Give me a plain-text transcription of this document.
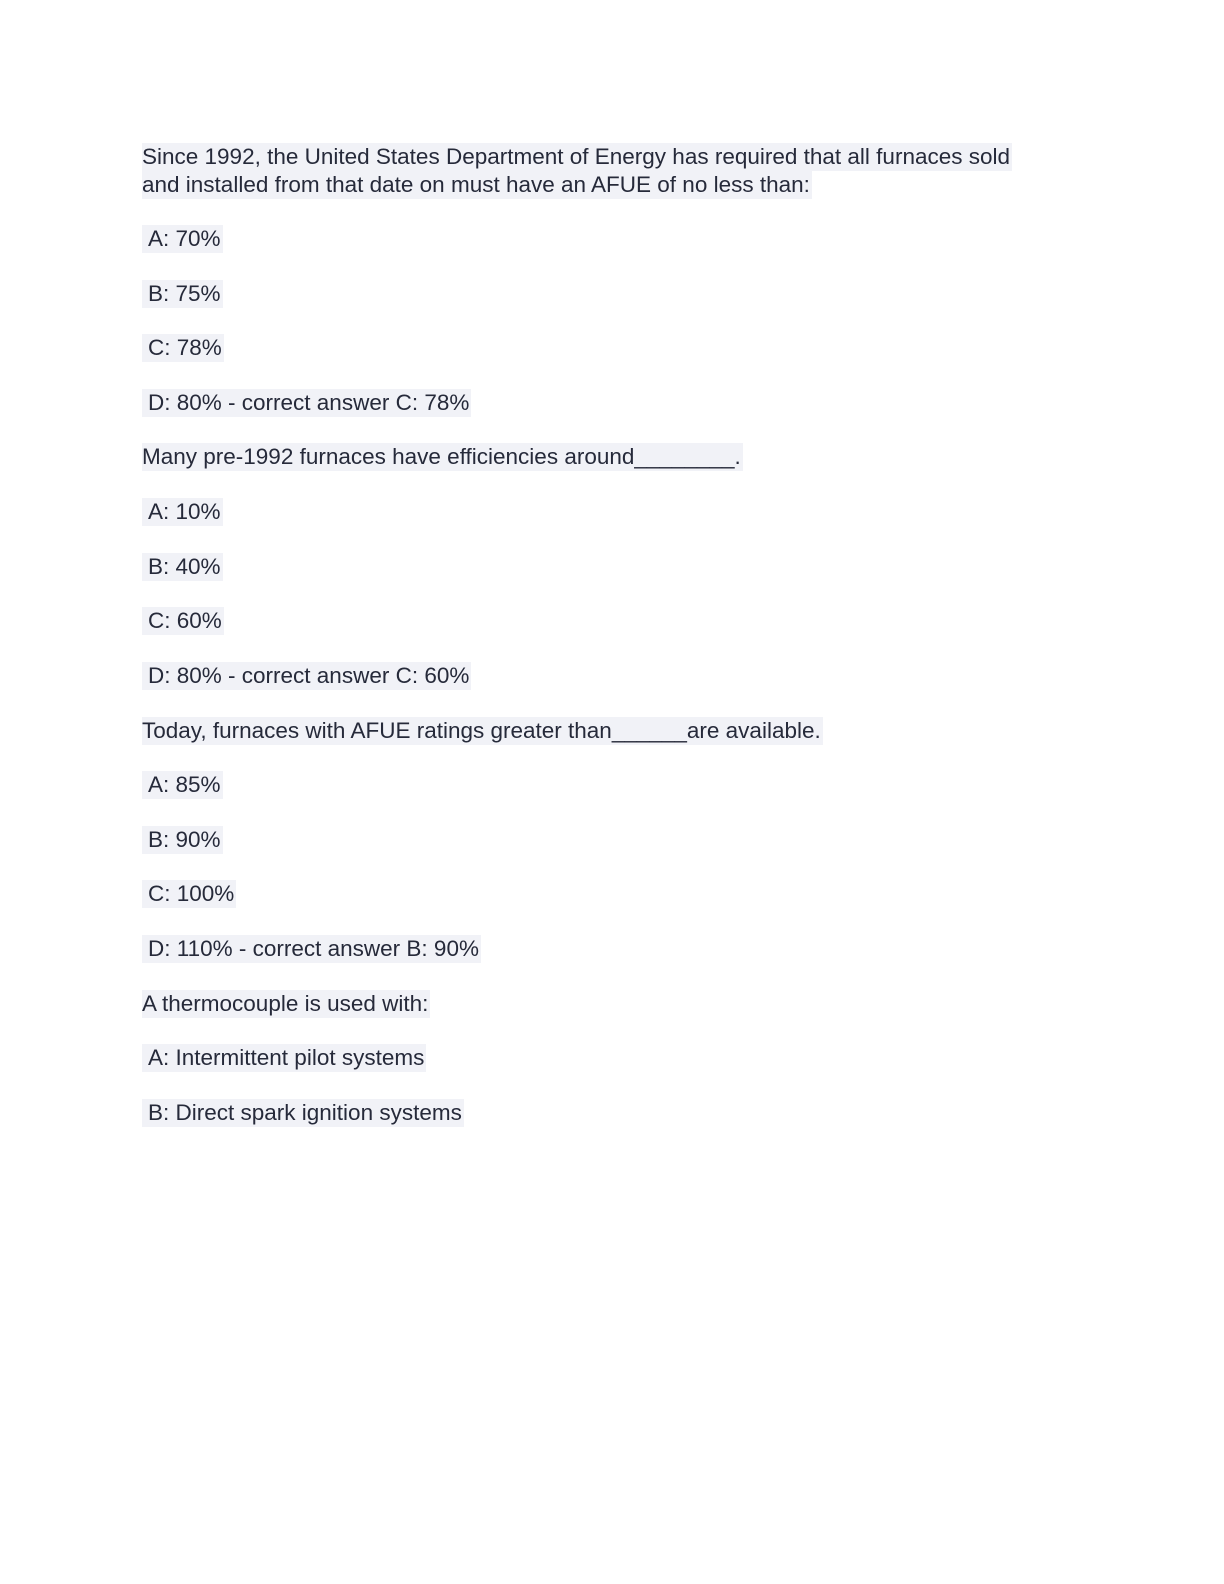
Since 1992, the United States Department of Energy has required that all furnaces sold
and installed from that date on must have an AFUE of no less than:
A: 70%
B: 75%
C: 78%
D: 80% - correct answer C: 78%
Many pre-1992 furnaces have efficiencies around________.
A: 10%
B: 40%
C: 60%
D: 80% - correct answer C: 60%
Today, furnaces with AFUE ratings greater than______are available.
A: 85%
B: 90%
C: 100%
D: 110% - correct answer B: 90%
A thermocouple is used with:
A: Intermittent pilot systems
B: Direct spark ignition systems
